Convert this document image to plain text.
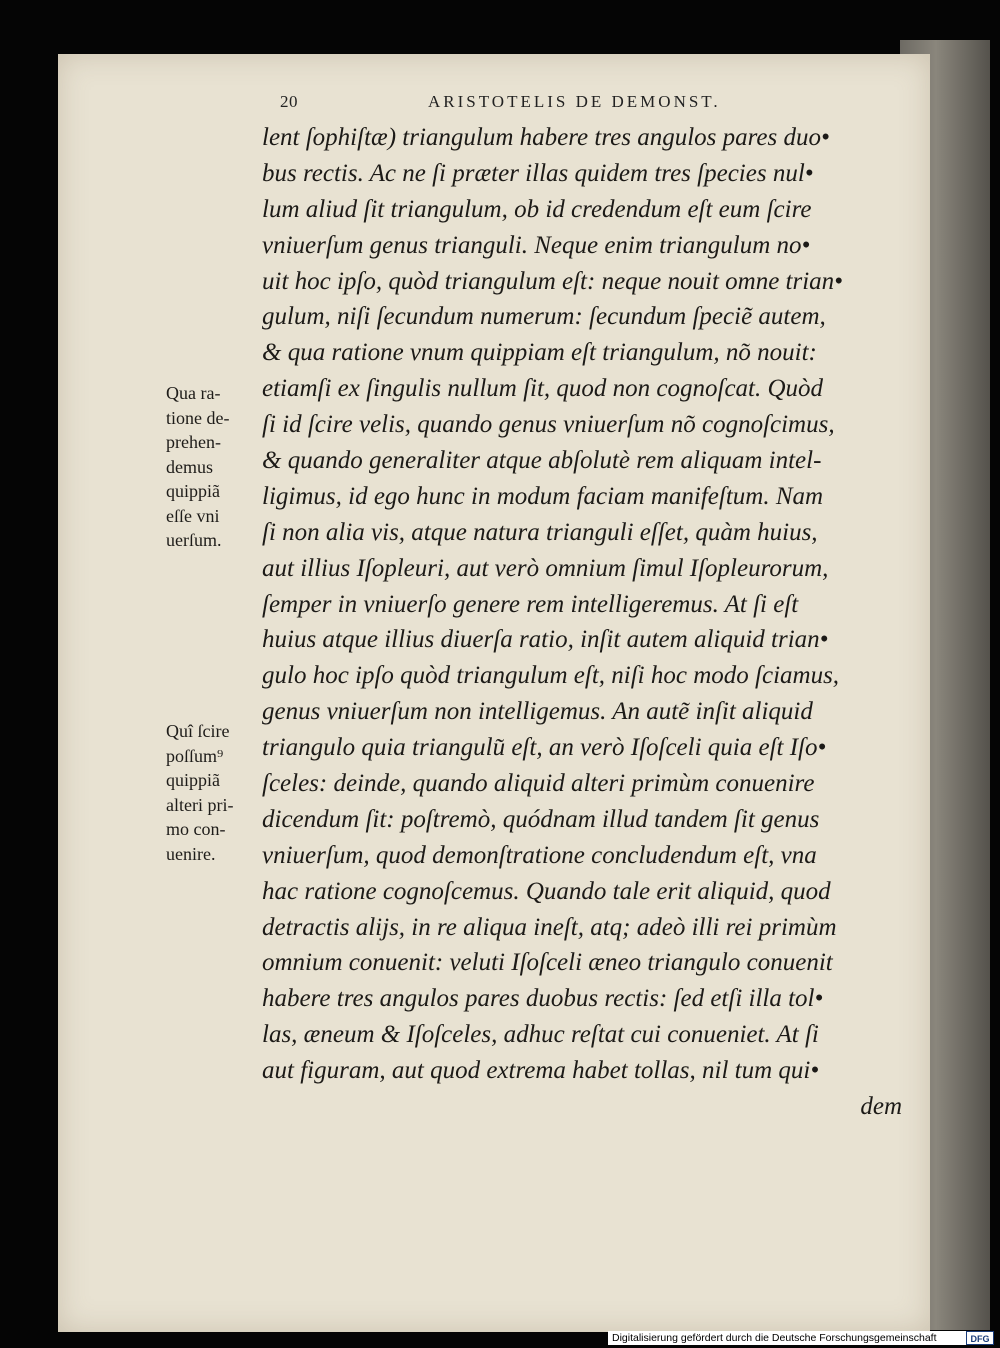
20	ARISTOTELIS DE DEMONST.
lent ſophiſtæ) triangulum habere tres angulos pares duo•
bus rectis. Ac ne ſi præter illas quidem tres ſpecies nul•
lum aliud ſit triangulum, ob id credendum eſt eum ſcire
vniuerſum genus trianguli. Neque enim triangulum no•
uit hoc ipſo, quòd triangulum eſt: neque nouit omne trian•
gulum, niſi ſecundum numerum: ſecundum ſpecie͂ autem,
& qua ratione vnum quippiam eſt triangulum, no͂ nouit:
etiamſi ex ſingulis nullum ſit, quod non cognoſcat. Quòd
ſi id ſcire velis, quando genus vniuerſum no͂ cognoſcimus,
& quando generaliter atque abſolutè rem aliquam intel-
ligimus, id ego hunc in modum faciam manifeſtum. Nam
ſi non alia vis, atque natura trianguli eſſet, quàm huius,
aut illius Iſopleuri, aut verò omnium ſimul Iſopleurorum,
ſemper in vniuerſo genere rem intelligeremus. At ſi eſt
huius atque illius diuerſa ratio, inſit autem aliquid trian•
gulo hoc ipſo quòd triangulum eſt, niſi hoc modo ſciamus,
genus vniuerſum non intelligemus. An aute͂ inſit aliquid
triangulo quia triangulu͂ eſt, an verò Iſoſceli quia eſt Iſo•
ſceles: deinde, quando aliquid alteri primùm conuenire
dicendum ſit: poſtremò, quódnam illud tandem ſit genus
vniuerſum, quod demonſtratione concludendum eſt, vna
hac ratione cognoſcemus. Quando tale erit aliquid, quod
detractis alijs, in re aliqua ineſt, atq; adeò illi rei primùm
omnium conuenit: veluti Iſoſceli æneo triangulo conuenit
habere tres angulos pares duobus rectis: ſed etſi illa tol•
las, æneum & Iſoſceles, adhuc reſtat cui conueniet. At ſi
aut figuram, aut quod extrema habet tollas, nil tum qui•
dem
Qua ra-
tione de-
prehen-
demus
quippiã
eſſe vni
uerſum.
Quî ſcire
poſſum⁹
quippiã
alteri pri-
mo con-
uenire.
Digitalisierung gefördert durch die Deutsche Forschungsgemeinschaft	DFG
